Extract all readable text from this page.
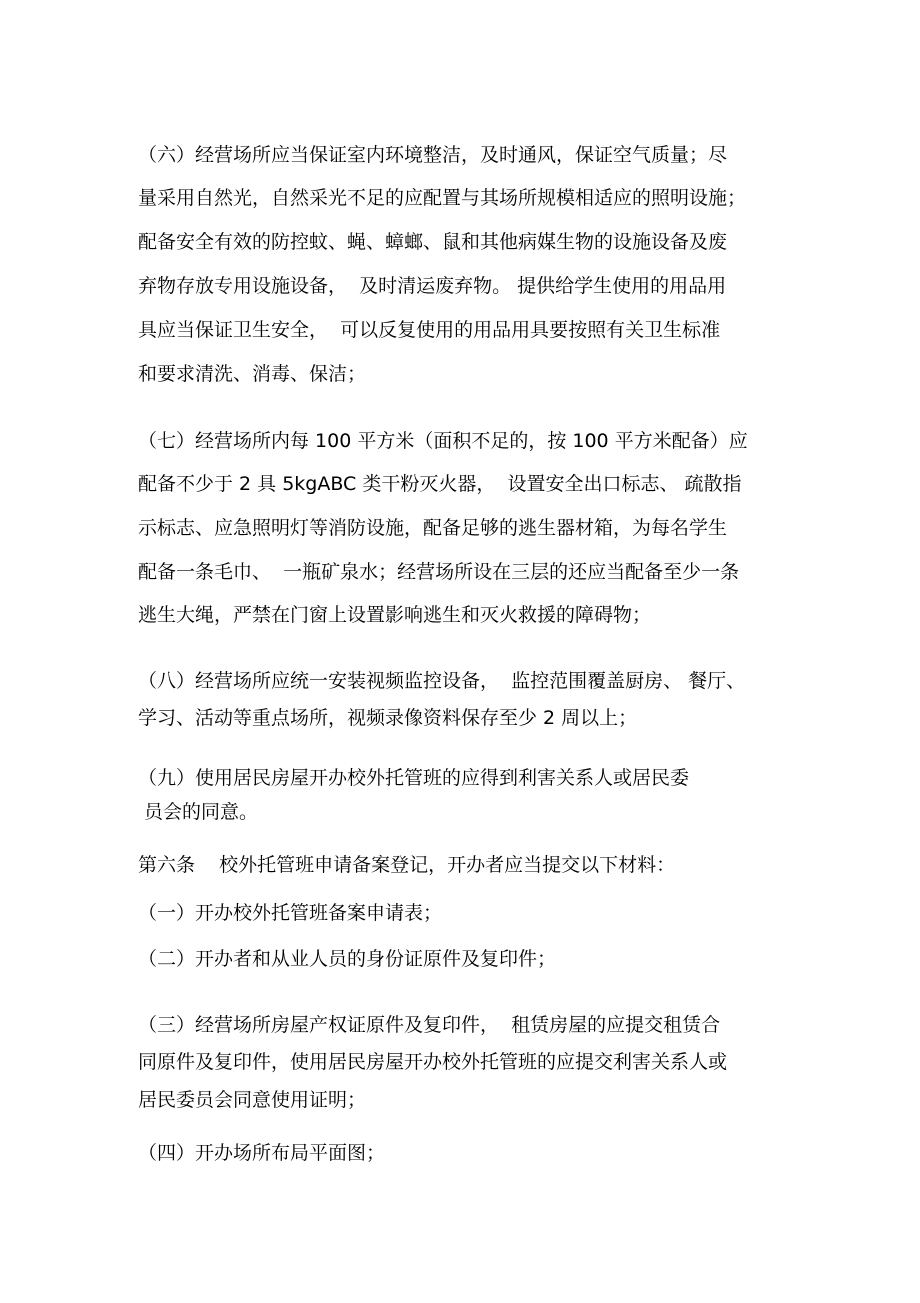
（六）经营场所应当保证室内环境整洁，及时通风，保证空气质量；尽
量采用自然光，自然采光不足的应配置与其场所规模相适应的照明设施；
配备安全有效的防控蚊、蝇、蟑螂、鼠和其他病媒生物的设施设备及废
弃物存放专用设施设备，  及时清运废弃物。 提供给学生使用的用品用
具应当保证卫生安全，  可以反复使用的用品用具要按照有关卫生标准
和要求清洗、消毒、保洁；
（七）经营场所内每 100 平方米（面积不足的，按 100 平方米配备）应
配备不少于 2 具 5kgABC 类干粉灭火器，  设置安全出口标志、 疏散指
示标志、应急照明灯等消防设施，配备足够的逃生器材箱，为每名学生
配备一条毛巾、  一瓶矿泉水；经营场所设在三层的还应当配备至少一条
逃生大绳，严禁在门窗上设置影响逃生和灭火救援的障碍物；
（八）经营场所应统一安装视频监控设备，  监控范围覆盖厨房、 餐厅、
学习、活动等重点场所，视频录像资料保存至少 2 周以上；
（九）使用居民房屋开办校外托管班的应得到利害关系人或居民委
员会的同意。
第六条    校外托管班申请备案登记，开办者应当提交以下材料：
（一）开办校外托管班备案申请表；
（二）开办者和从业人员的身份证原件及复印件；
（三）经营场所房屋产权证原件及复印件，  租赁房屋的应提交租赁合
同原件及复印件，使用居民房屋开办校外托管班的应提交利害关系人或
居民委员会同意使用证明；
（四）开办场所布局平面图；
